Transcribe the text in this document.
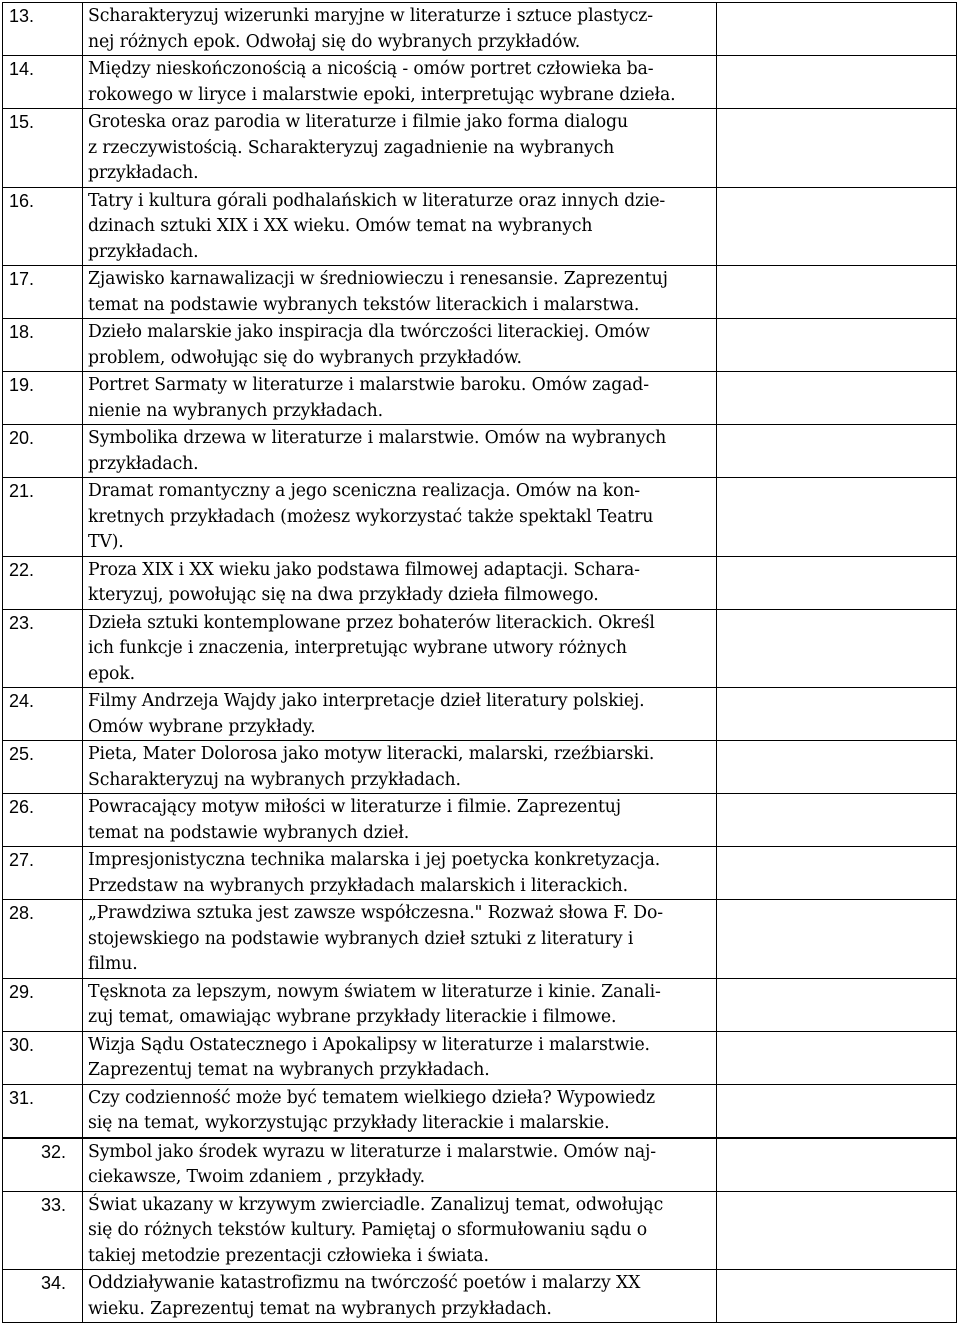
13.	Scharakteryzuj wizerunki maryjne w literaturze i sztuce plastycz-
nej różnych epok. Odwołaj się do wybranych przykładów.	
14.	Między nieskończonością a nicością - omów portret człowieka ba-
rokowego w liryce i malarstwie epoki, interpretując wybrane dzieła.	
15.	Groteska oraz parodia w literaturze i filmie jako forma dialogu
z rzeczywistością. Scharakteryzuj zagadnienie na wybranych
przykładach.	
16.	Tatry i kultura górali podhalańskich w literaturze oraz innych dzie-
dzinach sztuki XIX i XX wieku. Omów temat na wybranych
przykładach.	
17.	Zjawisko karnawalizacji w średniowieczu i renesansie. Zaprezentuj
temat na podstawie wybranych tekstów literackich i malarstwa.	
18.	Dzieło malarskie jako inspiracja dla twórczości literackiej. Omów
problem, odwołując się do wybranych przykładów.	
19.	Portret Sarmaty w literaturze i malarstwie baroku. Omów zagad-
nienie na wybranych przykładach.	
20.	Symbolika drzewa w literaturze i malarstwie. Omów na wybranych
przykładach.	
21.	Dramat romantyczny a jego sceniczna realizacja. Omów na kon-
kretnych przykładach (możesz wykorzystać także spektakl Teatru
TV).	
22.	Proza XIX i XX wieku jako podstawa filmowej adaptacji. Schara-
kteryzuj, powołując się na dwa przykłady dzieła filmowego.	
23.	Dzieła sztuki kontemplowane przez bohaterów literackich. Określ
ich funkcje i znaczenia, interpretując wybrane utwory różnych
epok.	
24.	Filmy Andrzeja Wajdy jako interpretacje dzieł literatury polskiej.
Omów wybrane przykłady.	
25.	Pieta, Mater Dolorosa jako motyw literacki, malarski, rzeźbiarski.
Scharakteryzuj na wybranych przykładach.	
26.	Powracający motyw miłości w literaturze i filmie. Zaprezentuj
temat na podstawie wybranych dzieł.	
27.	Impresjonistyczna technika malarska i jej poetycka konkretyzacja.
Przedstaw na wybranych przykładach malarskich i literackich.	
28.	„Prawdziwa sztuka jest zawsze współczesna." Rozważ słowa F. Do-
stojewskiego na podstawie wybranych dzieł sztuki z literatury i
filmu.	
29.	Tęsknota za lepszym, nowym światem w literaturze i kinie. Zanali-
zuj temat, omawiając wybrane przykłady literackie i filmowe.	
30.	Wizja Sądu Ostatecznego i Apokalipsy w literaturze i malarstwie.
Zaprezentuj temat na wybranych przykładach.	
31.	Czy codzienność może być tematem wielkiego dzieła? Wypowiedz
się na temat, wykorzystując przykłady literackie i malarskie.	
32.	Symbol jako środek wyrazu w literaturze i malarstwie. Omów naj-
ciekawsze, Twoim zdaniem , przykłady.	
33.	Świat ukazany w krzywym zwierciadle. Zanalizuj temat, odwołując
się do różnych tekstów kultury. Pamiętaj o sformułowaniu sądu o
takiej metodzie prezentacji człowieka i świata.	
34.	Oddziaływanie katastrofizmu na twórczość poetów i malarzy XX
wieku. Zaprezentuj temat na wybranych przykładach.	
